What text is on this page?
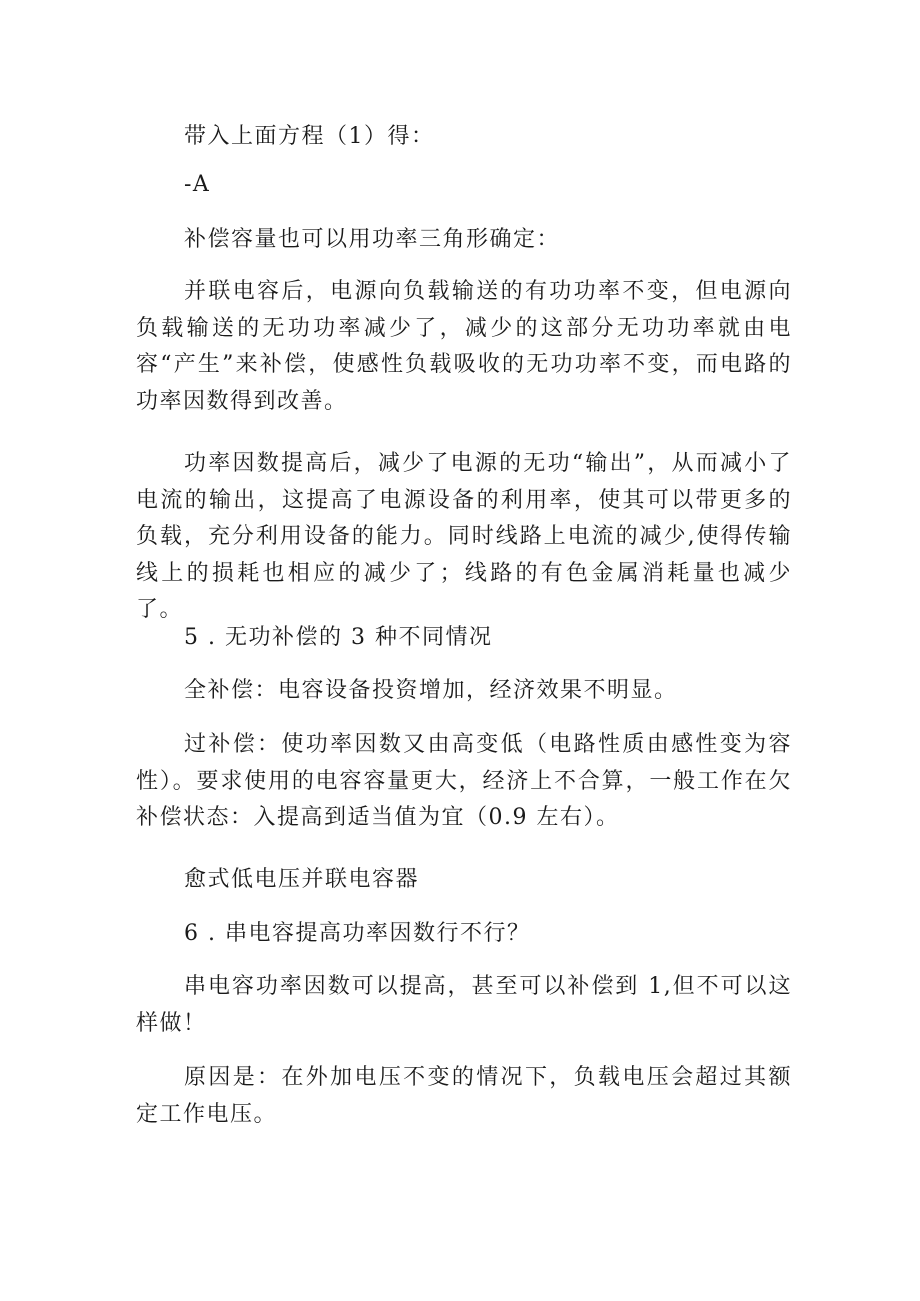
带入上面方程（1）得：

-A

补偿容量也可以用功率三角形确定：

并联电容后，电源向负载输送的有功功率不变，但电源向负载输送的无功功率减少了，减少的这部分无功功率就由电容“产生”来补偿，使感性负载吸收的无功功率不变，而电路的功率因数得到改善。

功率因数提高后，减少了电源的无功“输出”，从而减小了电流的输出，这提高了电源设备的利用率，使其可以带更多的负载，充分利用设备的能力。同时线路上电流的减少,使得传输线上的损耗也相应的减少了；线路的有色金属消耗量也减少了。

5 . 无功补偿的 3 种不同情况

全补偿：电容设备投资增加，经济效果不明显。

过补偿：使功率因数又由高变低（电路性质由感性变为容性）。要求使用的电容容量更大，经济上不合算，一般工作在欠补偿状态：入提高到适当值为宜（0.9 左右）。

愈式低电压并联电容器

6 . 串电容提高功率因数行不行？

串电容功率因数可以提高，甚至可以补偿到 1,但不可以这样做！

原因是：在外加电压不变的情况下，负载电压会超过其额定工作电压。
